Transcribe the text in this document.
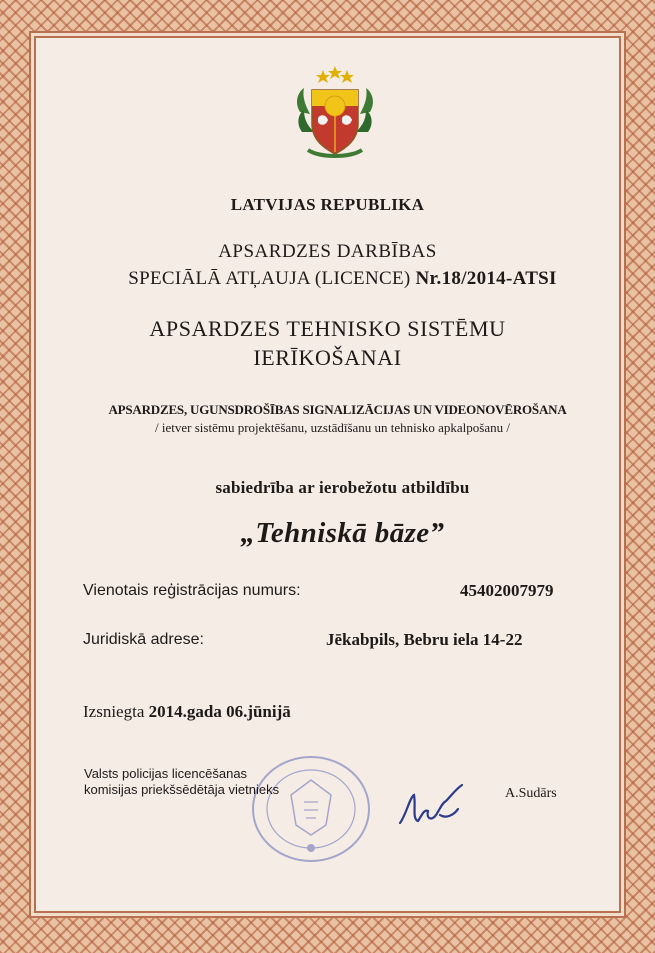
LATVIJAS REPUBLIKA
APSARDZES DARBĪBAS
SPECIĀLĀ ATĻAUJA (LICENCE) Nr.18/2014-ATSI
APSARDZES TEHNISKO SISTĒMU
IERĪKOŠANAI
APSARDZES, UGUNSDROŠĪBAS SIGNALIZĀCIJAS UN VIDEONOVĒROŠANA
/ ietver sistēmu projektēšanu, uzstādīšanu un tehnisko apkalpošanu /
sabiedrība ar ierobežotu atbildību
„Tehniskā bāze”
Vienotais reģistrācijas numurs:	45402007979
Juridiskā adrese:	Jēkabpils, Bebru iela 14-22
Izsniegta 2014.gada 06.jūnijā
Valsts policijas licencēšanas
komisijas priekšsēdētāja vietnieks	A.Sudārs
